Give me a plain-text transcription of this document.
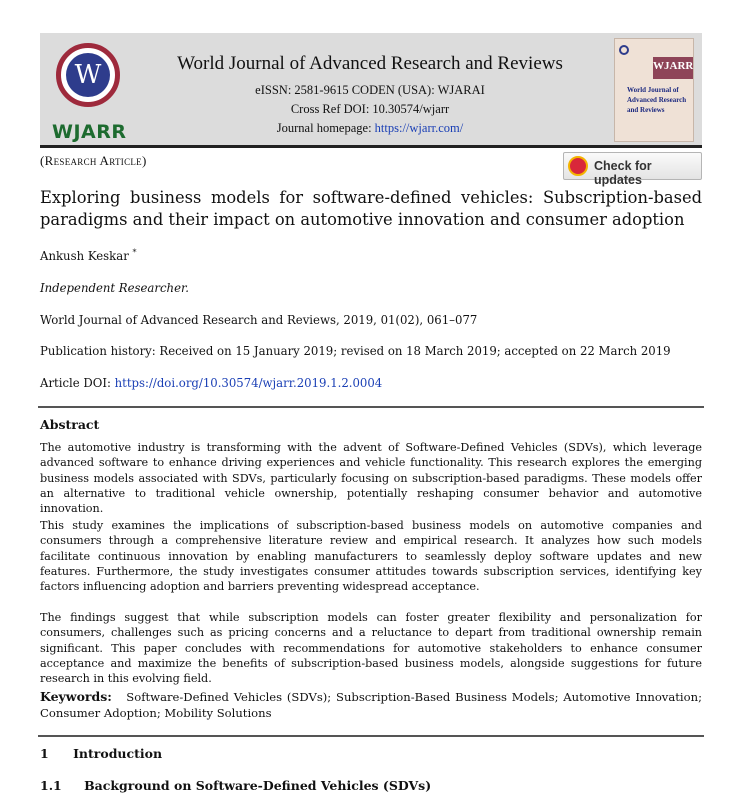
W
WJARR
World Journal of Advanced Research and Reviews
eISSN: 2581-9615 CODEN (USA): WJARAI
Cross Ref DOI: 10.30574/wjarr
Journal homepage: https://wjarr.com/
WJARR
World Journal of Advanced Research and Reviews
(Research Article)	Check for updates
Exploring business models for software-defined vehicles: Subscription-based paradigms and their impact on automotive innovation and consumer adoption
Ankush Keskar *
Independent Researcher.
World Journal of Advanced Research and Reviews, 2019, 01(02), 061–077
Publication history: Received on 15 January 2019; revised on 18 March 2019; accepted on 22 March 2019
Article DOI: https://doi.org/10.30574/wjarr.2019.1.2.0004
Abstract
The automotive industry is transforming with the advent of Software-Defined Vehicles (SDVs), which leverage advanced software to enhance driving experiences and vehicle functionality. This research explores the emerging business models associated with SDVs, particularly focusing on subscription-based paradigms. These models offer an alternative to traditional vehicle ownership, potentially reshaping consumer behavior and automotive innovation.
This study examines the implications of subscription-based business models on automotive companies and consumers through a comprehensive literature review and empirical research. It analyzes how such models facilitate continuous innovation by enabling manufacturers to seamlessly deploy software updates and new features. Furthermore, the study investigates consumer attitudes towards subscription services, identifying key factors influencing adoption and barriers preventing widespread acceptance.
The findings suggest that while subscription models can foster greater flexibility and personalization for consumers, challenges such as pricing concerns and a reluctance to depart from traditional ownership remain significant. This paper concludes with recommendations for automotive stakeholders to enhance consumer acceptance and maximize the benefits of subscription-based business models, alongside suggestions for future research in this evolving field.
Keywords: Software-Defined Vehicles (SDVs); Subscription-Based Business Models; Automotive Innovation; Consumer Adoption; Mobility Solutions
1 Introduction
1.1 Background on Software-Defined Vehicles (SDVs)
